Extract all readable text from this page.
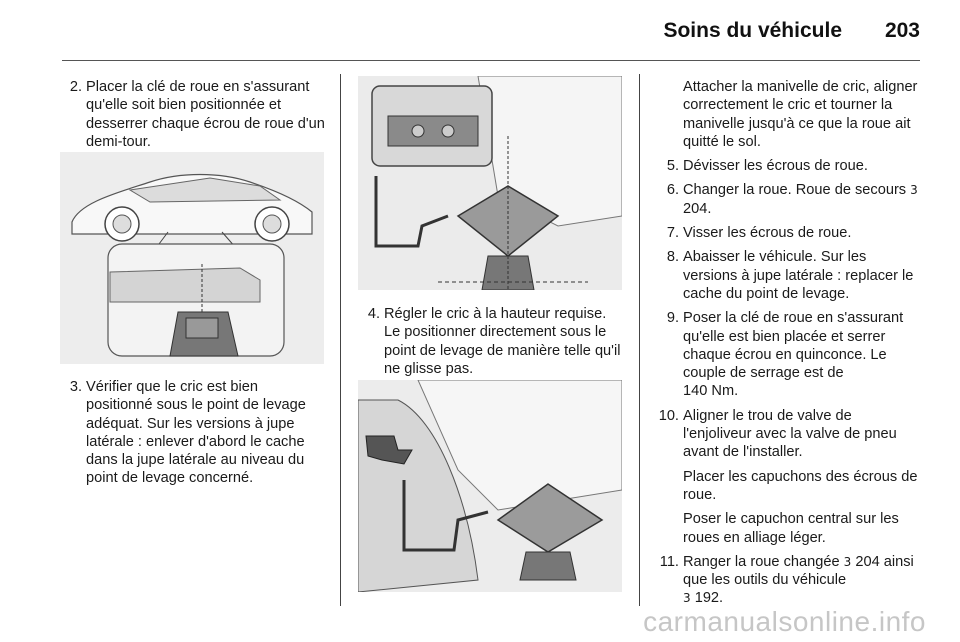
Soins du véhicule 203
2. Placer la clé de roue en s'assurant qu'elle soit bien positionnée et desserrer chaque écrou de roue d'un demi-tour.
3. Vérifier que le cric est bien positionné sous le point de levage adéquat. Sur les versions à jupe latérale : enlever d'abord le cache dans la jupe latérale au niveau du point de levage concerné.
4. Régler le cric à la hauteur requise. Le positionner directement sous le point de levage de manière telle qu'il ne glisse pas.
Attacher la manivelle de cric, aligner correctement le cric et tourner la manivelle jusqu'à ce que la roue ait quitté le sol.
5. Dévisser les écrous de roue.
6. Changer la roue. Roue de secours 3 204.
7. Visser les écrous de roue.
8. Abaisser le véhicule. Sur les versions à jupe latérale : replacer le cache du point de levage.
9. Poser la clé de roue en s'assurant qu'elle est bien placée et serrer chaque écrou en quinconce. Le couple de serrage est de
140 Nm.
10. Aligner le trou de valve de l'enjoliveur avec la valve de pneu avant de l'installer.
Placer les capuchons des écrous de roue.
Poser le capuchon central sur les roues en alliage léger.
11. Ranger la roue changée 3 204 ainsi que les outils du véhicule
3 192.
carmanualsonline.info
